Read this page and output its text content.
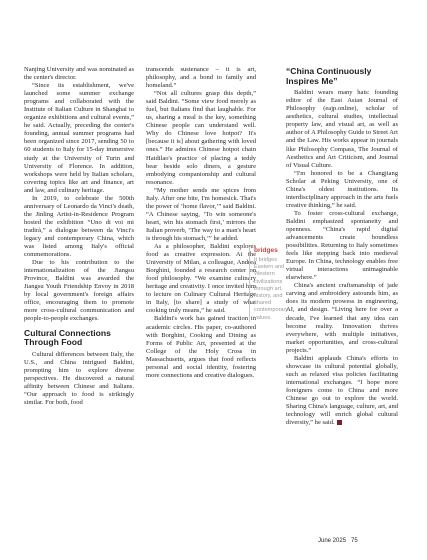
Nanjing University and was nominated as the center's director.

“Since its establishment, we've launched some summer exchange programs and collaborated with the Institute of Italian Culture in Shanghai to organize exhibitions and cultural events,” he said. Actually, preceding the center's founding, annual summer programs had been organized since 2017, sending 50 to 60 students to Italy for 15-day immersive study at the University of Turin and University of Florence. In addition, workshops were held by Italian scholars, covering topics like art and finance, art and law, and culinary heritage.

In 2019, to celebrate the 500th anniversary of Leonardo da Vinci's death, the Jinling Artist-in-Residence Program hosted the exhibition “Uno di voi mi tradirà,” a dialogue between da Vinci's legacy and contemporary China, which was listed among Italy's official commemorations.

Due to his contribution to the internationalization of the Jiangsu Province, Baldini was awarded the Jiangsu Youth Friendship Envoy in 2018 by local government's foreign affairs office, encouraging them to promote more cross-cultural communication and people-to-people exchanges.

Cultural Connections Through Food

Cultural differences between Italy, the U.S., and China intrigued Baldini, prompting him to explore diverse perspectives. He discovered a natural affinity between Chinese and Italians. “Our approach to food is strikingly similar. For both, food

transcends sustenance – it is art, philosophy, and a bond to family and homeland.”

“Not all cultures grasp this depth,” said Baldini. “Some view food merely as fuel, but Italians find that laughable. For us, sharing a meal is the key, something Chinese people can understand well. Why do Chinese love hotpot? It's [because it is] about gathering with loved ones.” He admires Chinese hotpot chain Haidilao's practice of placing a teddy bear beside solo diners, a gesture embodying companionship and cultural resonance.

“My mother sends me spices from Italy. After one bite, I'm homesick. That's the power of ‘home flavor,’” said Baldini. “A Chinese saying, ‘To win someone's heart, win his stomach first,’ mirrors the Italian proverb, ‘The way to a man's heart is through his stomach,’” he added.

As a philosopher, Baldini explores food as creative expression. At the University of Milan, a colleague, Andrea Borghini, founded a research center on food philosophy. “We examine culinary heritage and creativity. I once invited him to lecture on Culinary Cultural Heritage in Italy, [to share] a study of what cooking truly means,” he said.

Baldini's work has gained traction in academic circles. His paper, co-authored with Borghini, Cooking and Dining as Forms of Public Art, presented at the College of the Holy Cross in Massachusetts, argues that food reflects personal and social identity, fostering more connections and creative dialogues.

bridges
It bridges Eastern and Western civilizations through art, history, and shared contemporary values.
“China Continuously Inspires Me”

Baldini wears many hats: founding editor of the East Asian Journal of Philosophy (eajp.online), scholar of aesthetics, cultural studies, intellectual property law, and visual art, as well as author of A Philosophy Guide to Street Art and the Law. His works appear in journals like Philosophy Compass, The Journal of Aesthetics and Art Criticism, and Journal of Visual Culture.

“I'm honored to be a Changjiang Scholar at Peking University, one of China's oldest institutions. Its interdisciplinary approach in the arts fuels creative thinking,” he said.

To foster cross-cultural exchange, Baldini emphasized spontaneity and openness. “China's rapid digital advancements create boundless possibilities. Returning to Italy sometimes feels like stepping back into medieval Europe. In China, technology enables free virtual interactions unimaginable elsewhere.”

China's ancient craftsmanship of jade carving and embroidery astounds him, as does its modern prowess in engineering, AI, and design. “Living here for over a decade, I've learned that any idea can become reality. Innovation thrives everywhere, with multiple initiatives, market opportunities, and cross-cultural projects.”

Baldini applauds China's efforts to showcase its cultural potential globally, such as relaxed visa policies facilitating international exchanges. “I hope more foreigners come to China and more Chinese go out to explore the world. Sharing China's language, culture, art, and technology will enrich global cultural diversity,” he said.

June 2025 75
